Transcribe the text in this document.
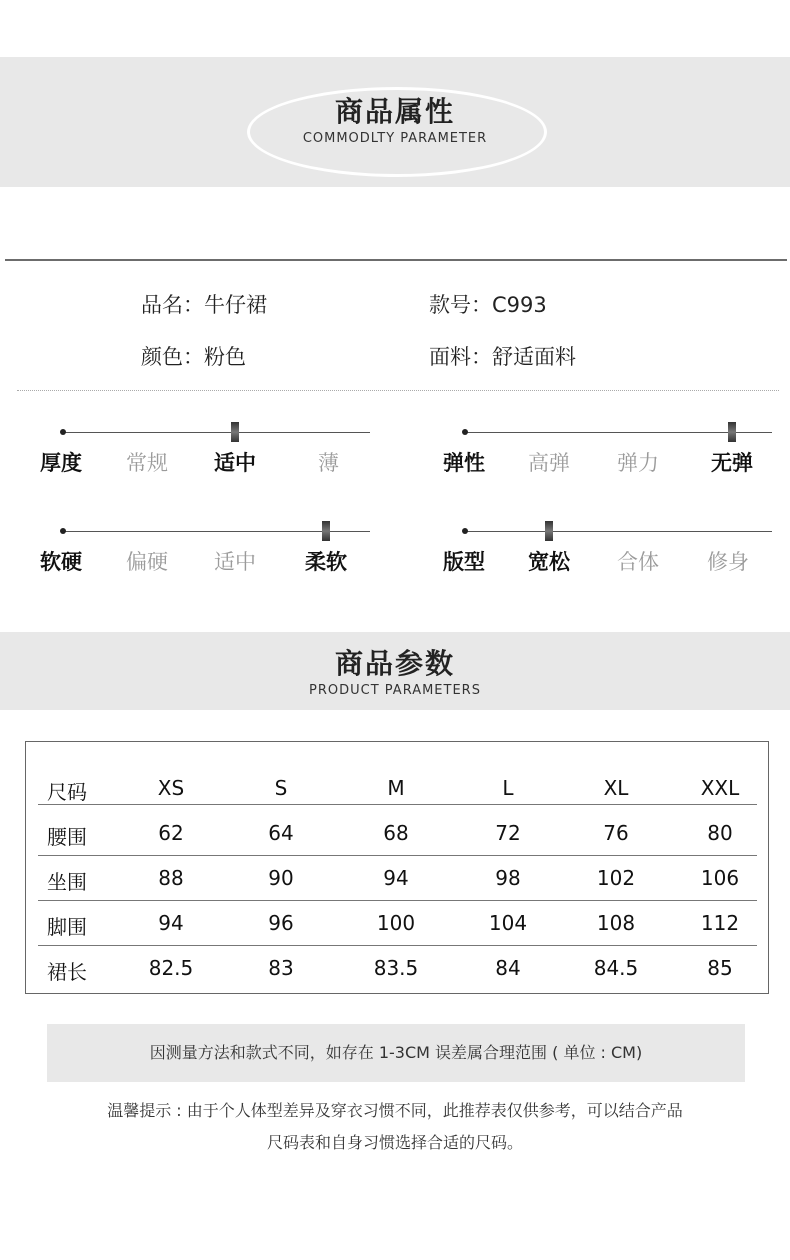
商品属性
COMMODLTY PARAMETER
品名：牛仔裙	款号：C993
颜色：粉色	面料：舒适面料
厚度 常规 适中	薄	弹性 高弹 弹力 无弹
软硬 偏硬 适中 柔软	版型 宽松 合体 修身
商品参数
PRODUCT PARAMETERS
尺码	XS	S	M	L	XL	XXL
腰围	62	64	68	72	76	80
坐围	88	90	94	98	102	106
脚围	94	96	100	104	108	112
裙长	82.5	83	83.5	84	84.5	85
因测量方法和款式不同，如存在 1-3CM 误差属合理范围 ( 单位 : CM)
温馨提示 : 由于个人体型差异及穿衣习惯不同，此推荐表仅供参考，可以结合产品
尺码表和自身习惯选择合适的尺码。
